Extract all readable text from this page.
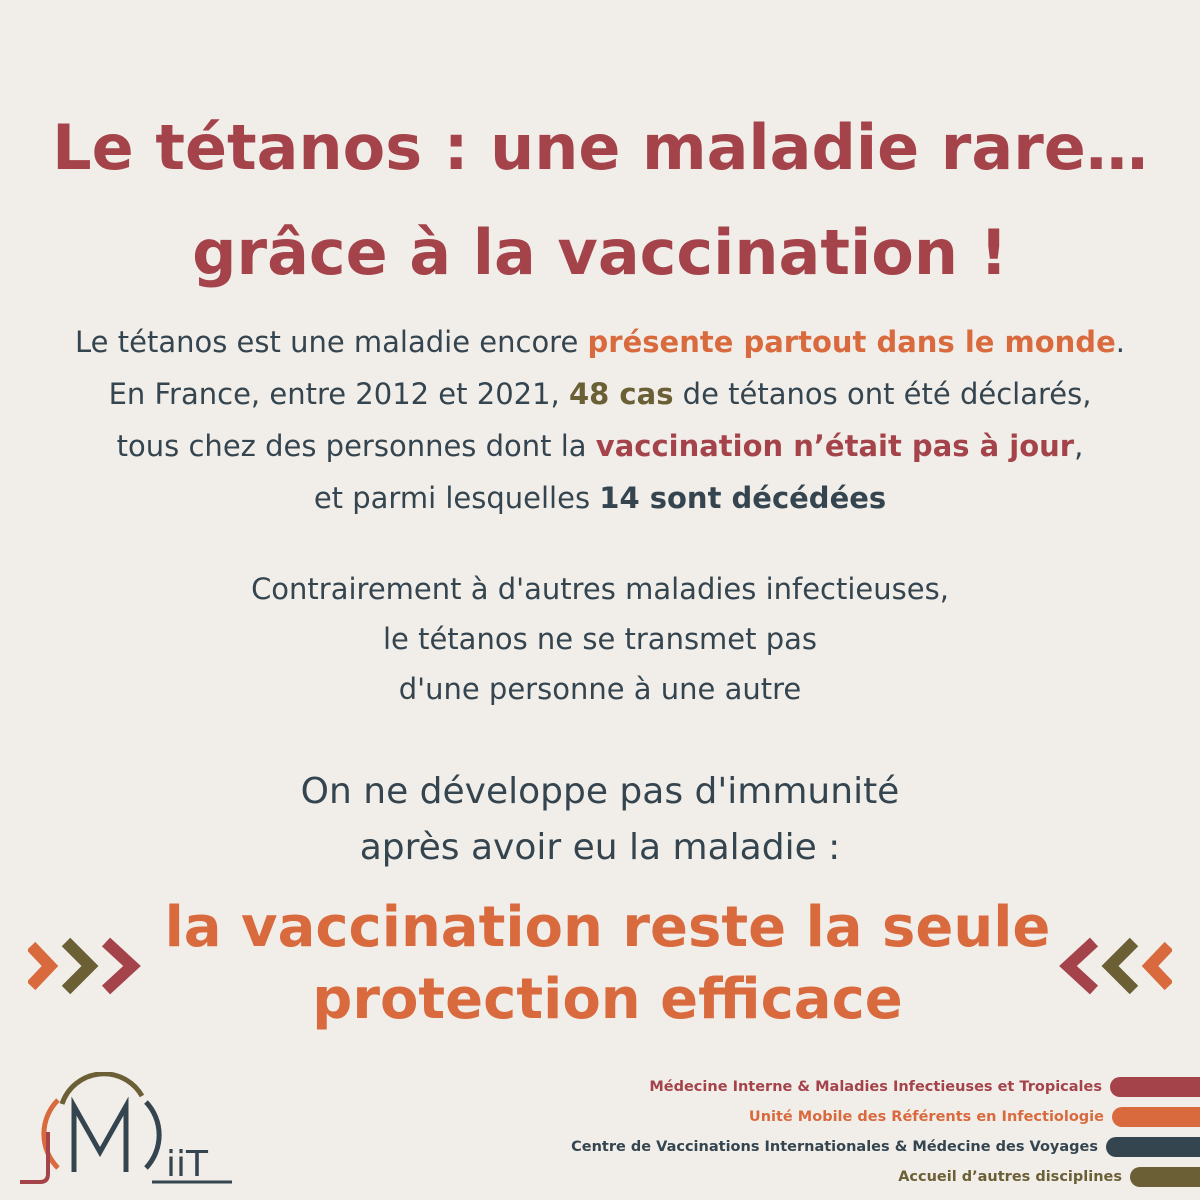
Le tétanos : une maladie rare…
grâce à la vaccination !
Le tétanos est une maladie encore présente partout dans le monde.
En France, entre 2012 et 2021, 48 cas de tétanos ont été déclarés,
tous chez des personnes dont la vaccination n’était pas à jour,
et parmi lesquelles 14 sont décédées
Contrairement à d'autres maladies infectieuses,
le tétanos ne se transmet pas
d'une personne à une autre
On ne développe pas d'immunité
après avoir eu la maladie :
la vaccination reste la seule
protection efficace
iiT
Médecine Interne & Maladies Infectieuses et Tropicales
Unité Mobile des Référents en Infectiologie
Centre de Vaccinations Internationales & Médecine des Voyages
Accueil d’autres disciplines
